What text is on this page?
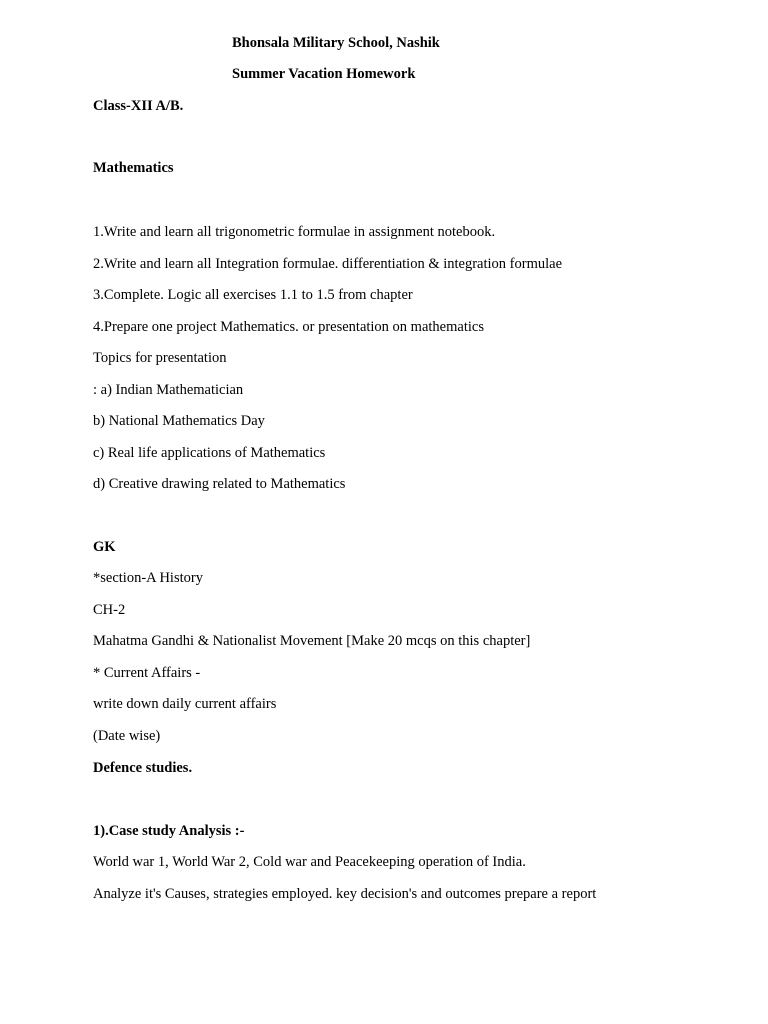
Bhonsala Military School, Nashik
Summer Vacation Homework
Class-XII A/B.
Mathematics
1.Write and learn all trigonometric formulae in assignment notebook.
2.Write and learn all Integration formulae. differentiation & integration formulae
3.Complete. Logic all exercises 1.1 to 1.5 from chapter
4.Prepare one project Mathematics. or presentation on mathematics
Topics for presentation
: a) Indian Mathematician
b) National Mathematics Day
c) Real life applications of Mathematics
d) Creative drawing related to Mathematics
GK
*section-A History
CH-2
Mahatma Gandhi & Nationalist Movement [Make 20 mcqs on this chapter]
* Current Affairs -
write down daily current affairs
(Date wise)
Defence studies.
1).Case study Analysis :-
World war 1, World War 2, Cold war and Peacekeeping operation of India.
Analyze it's Causes, strategies employed. key decision's and outcomes prepare a report
